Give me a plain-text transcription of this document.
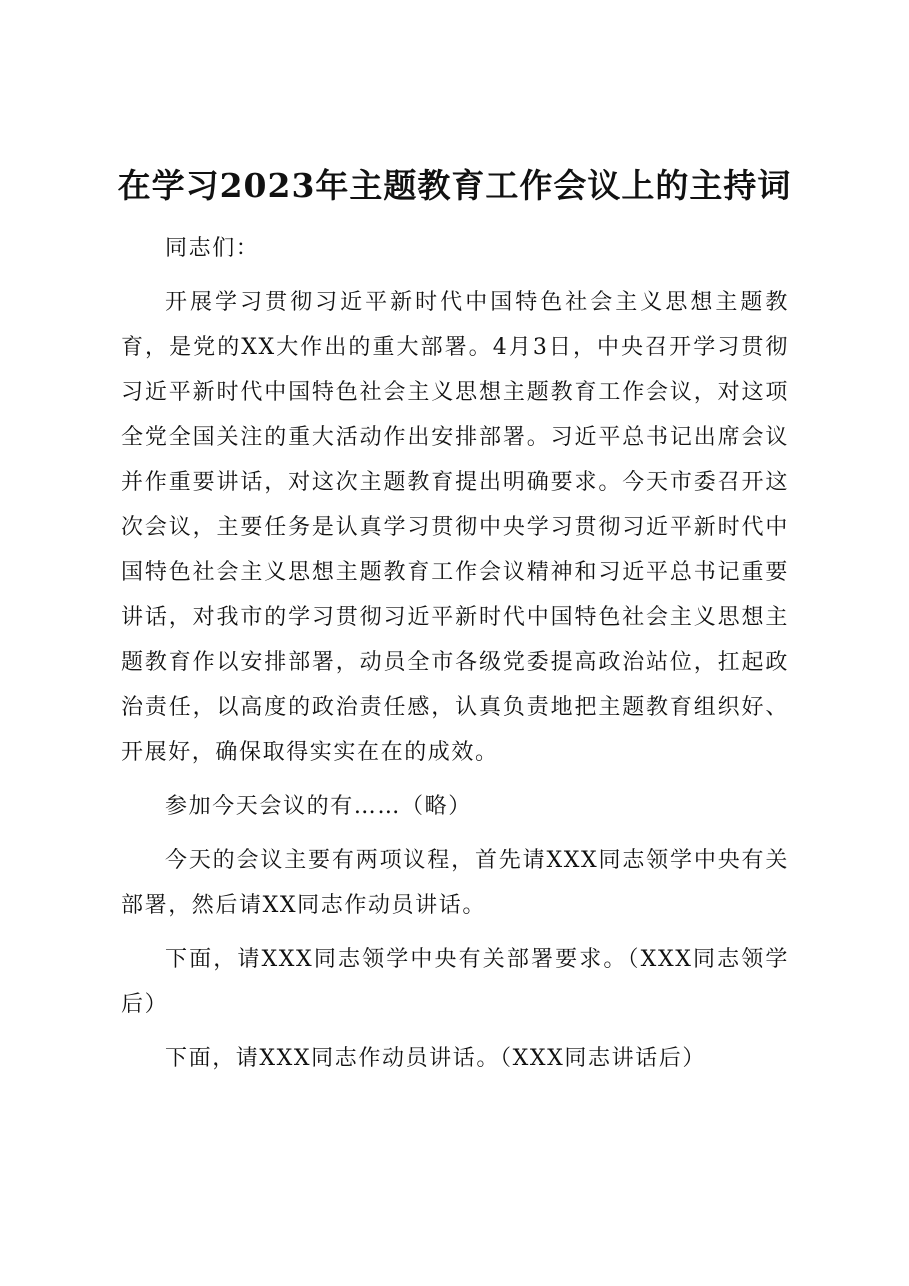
在学习2023年主题教育工作会议上的主持词

同志们：

开展学习贯彻习近平新时代中国特色社会主义思想主题教育，是党的XX大作出的重大部署。4月3日，中央召开学习贯彻习近平新时代中国特色社会主义思想主题教育工作会议，对这项全党全国关注的重大活动作出安排部署。习近平总书记出席会议并作重要讲话，对这次主题教育提出明确要求。今天市委召开这次会议，主要任务是认真学习贯彻中央学习贯彻习近平新时代中国特色社会主义思想主题教育工作会议精神和习近平总书记重要讲话，对我市的学习贯彻习近平新时代中国特色社会主义思想主题教育作以安排部署，动员全市各级党委提高政治站位，扛起政治责任，以高度的政治责任感，认真负责地把主题教育组织好、开展好，确保取得实实在在的成效。

参加今天会议的有……（略）

今天的会议主要有两项议程，首先请XXX同志领学中央有关部署，然后请XX同志作动员讲话。

下面，请XXX同志领学中央有关部署要求。（XXX同志领学后）

下面，请XXX同志作动员讲话。（XXX同志讲话后）
